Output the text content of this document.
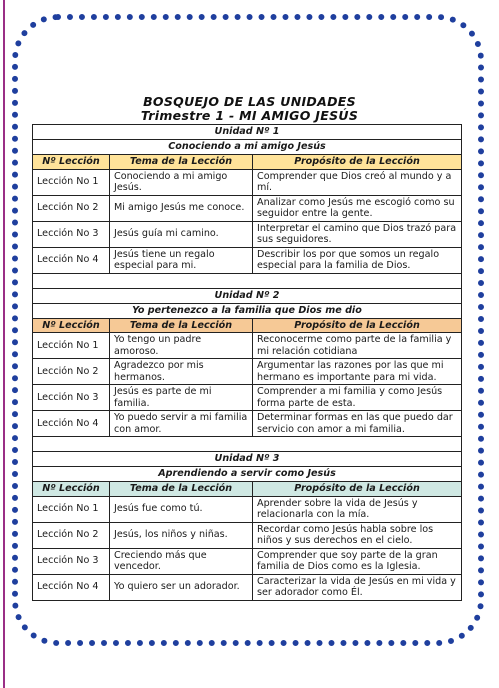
BOSQUEJO DE LAS UNIDADES
Trimestre 1 - MI AMIGO JESÚS
Unidad Nº 1		
Conociendo a mi amigo Jesús		
Nº Lección	Tema de la Lección	Propósito de la Lección
Lección No 1	Conociendo a mi amigo Jesús.	Comprender que Dios creó al mundo y a mí.
Lección No 2	Mi amigo Jesús me conoce.	Analizar como Jesús me escogió como su seguidor entre la gente.
Lección No 3	Jesús guía mi camino.	Interpretar el camino que Dios trazó para sus seguidores.
Lección No 4	Jesús tiene un regalo especial para mi.	Describir los por que somos un regalo especial para la familia de Dios.

Unidad Nº 2		
Yo pertenezco a la familia que Dios me dio		
Nº Lección	Tema de la Lección	Propósito de la Lección
Lección No 1	Yo tengo un padre amoroso.	Reconocerme como parte de la familia y mi relación cotidiana
Lección No 2	Agradezco por mis hermanos.	Argumentar las razones por las que mi hermano es importante para mi vida.
Lección No 3	Jesús es parte de mi familia.	Comprender a mi familia y como Jesús forma parte de esta.
Lección No 4	Yo puedo servir a mi familia con amor.	Determinar formas en las que puedo dar servicio con amor a mi familia.

Unidad Nº 3		
Aprendiendo a servir como Jesús		
Nº Lección	Tema de la Lección	Propósito de la Lección
Lección No 1	Jesús fue como tú.	Aprender sobre la vida de Jesús y relacionarla con la mía.
Lección No 2	Jesús, los niños y niñas.	Recordar como Jesús habla sobre los niños y sus derechos en el cielo.
Lección No 3	Creciendo más que vencedor.	Comprender que soy parte de la gran familia de Dios como es la Iglesia.
Lección No 4	Yo quiero ser un adorador.	Caracterizar la vida de Jesús en mi vida y ser adorador como Él.
